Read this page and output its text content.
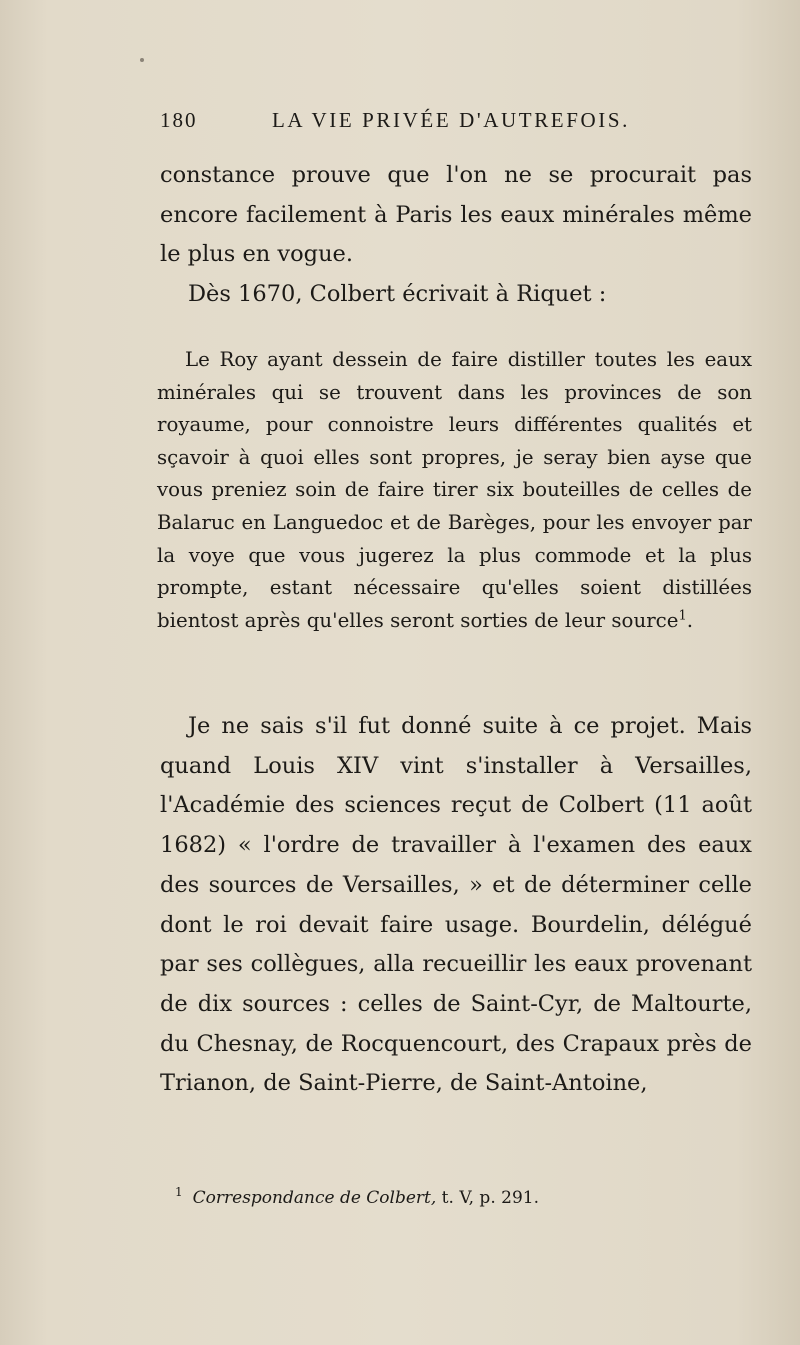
180	LA VIE PRIVÉE D'AUTREFOIS.

constance prouve que l'on ne se procurait pas encore facilement à Paris les eaux minérales même le plus en vogue.

Dès 1670, Colbert écrivait à Riquet :

Le Roy ayant dessein de faire distiller toutes les eaux minérales qui se trouvent dans les provinces de son royaume, pour connoistre leurs différentes qualités et sçavoir à quoi elles sont propres, je seray bien ayse que vous preniez soin de faire tirer six bouteilles de celles de Balaruc en Languedoc et de Barèges, pour les envoyer par la voye que vous jugerez la plus commode et la plus prompte, estant nécessaire qu'elles soient distillées bientost après qu'elles seront sorties de leur source$^1$.

Je ne sais s'il fut donné suite à ce projet. Mais quand Louis XIV vint s'installer à Versailles, l'Académie des sciences reçut de Colbert (11 août 1682) « l'ordre de travailler à l'examen des eaux des sources de Versailles, » et de déterminer celle dont le roi devait faire usage. Bourdelin, délégué par ses collègues, alla recueillir les eaux provenant de dix sources : celles de Saint-Cyr, de Maltourte, du Chesnay, de Rocquencourt, des Crapaux près de Trianon, de Saint-Pierre, de Saint-Antoine,

$^1$ Correspondance de Colbert, t. V, p. 291.
